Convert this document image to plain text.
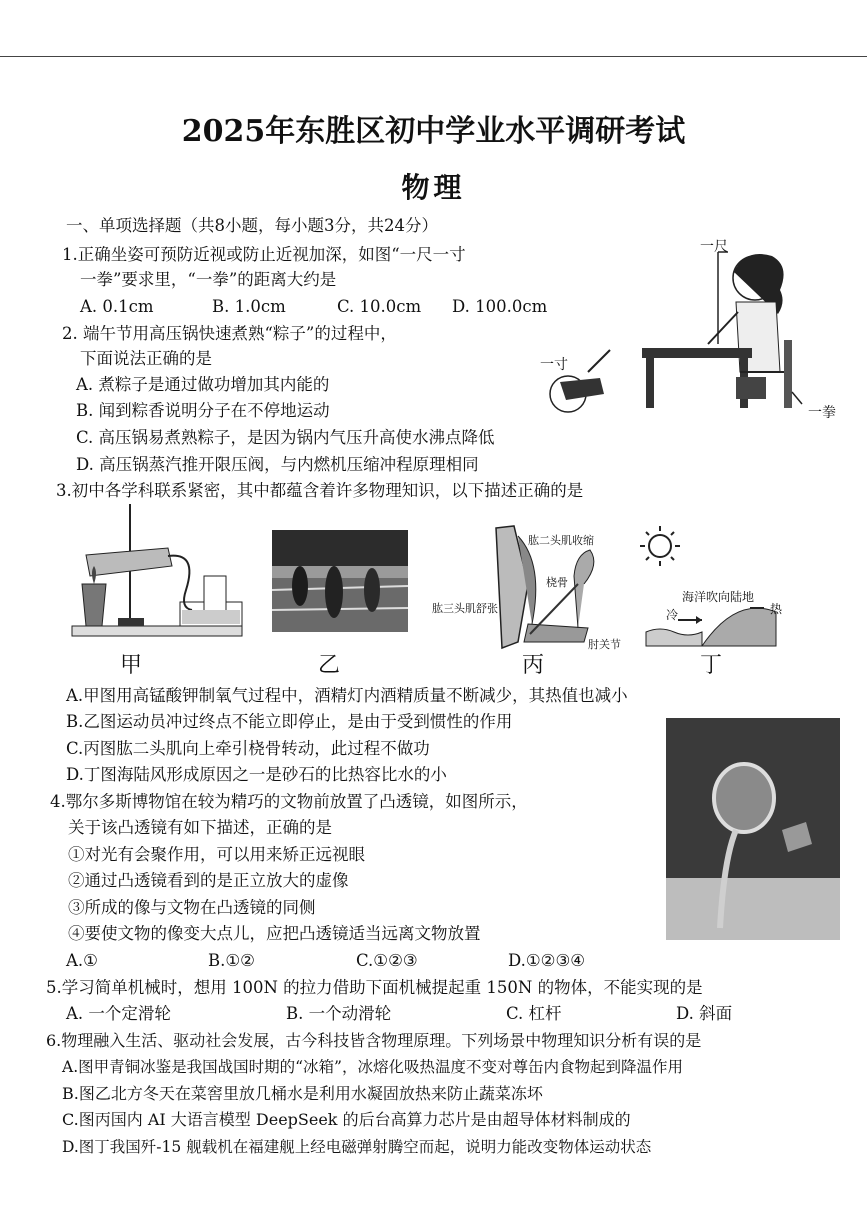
2025年东胜区初中学业水平调研考试
物理
一、单项选择题（共8小题，每小题3分，共24分）
1.正确坐姿可预防近视或防止近视加深，如图“一尺一寸
一拳”要求里，“一拳”的距离大约是
A. 0.1cm	B. 1.0cm	C. 10.0cm D. 100.0cm
一尺
一寸
一拳
2. 端午节用高压锅快速煮熟“粽子”的过程中，
下面说法正确的是
A. 煮粽子是通过做功增加其内能的
B. 闻到粽香说明分子在不停地运动
C. 高压锅易煮熟粽子，是因为锅内气压升高使水沸点降低
D. 高压锅蒸汽推开限压阀，与内燃机压缩冲程原理相同
3.初中各学科联系紧密，其中都蕴含着许多物理知识，以下描述正确的是
甲	乙
肱二头肌收缩
肱三头肌舒张
桡骨
肘关节
丙
海洋吹向陆地
冷	热
丁
A.甲图用高锰酸钾制氧气过程中，酒精灯内酒精质量不断减少，其热值也减小
B.乙图运动员冲过终点不能立即停止，是由于受到惯性的作用
C.丙图肱二头肌向上牵引桡骨转动，此过程不做功
D.丁图海陆风形成原因之一是砂石的比热容比水的小
4.鄂尔多斯博物馆在较为精巧的文物前放置了凸透镜，如图所示，
关于该凸透镜有如下描述，正确的是
①对光有会聚作用，可以用来矫正远视眼
②通过凸透镜看到的是正立放大的虚像
③所成的像与文物在凸透镜的同侧
④要使文物的像变大点儿，应把凸透镜适当远离文物放置
A.①	B.①②	C.①②③	D.①②③④
5.学习简单机械时，想用 100N 的拉力借助下面机械提起重 150N 的物体，不能实现的是
A. 一个定滑轮	B. 一个动滑轮	C. 杠杆	D. 斜面
6.物理融入生活、驱动社会发展，古今科技皆含物理原理。下列场景中物理知识分析有误的是
A.图甲青铜冰鉴是我国战国时期的“冰箱”，冰熔化吸热温度不变对尊缶内食物起到降温作用
B.图乙北方冬天在菜窖里放几桶水是利用水凝固放热来防止蔬菜冻坏
C.图丙国内 AI 大语言模型 DeepSeek 的后台高算力芯片是由超导体材料制成的
D.图丁我国歼-15 舰载机在福建舰上经电磁弹射腾空而起，说明力能改变物体运动状态
